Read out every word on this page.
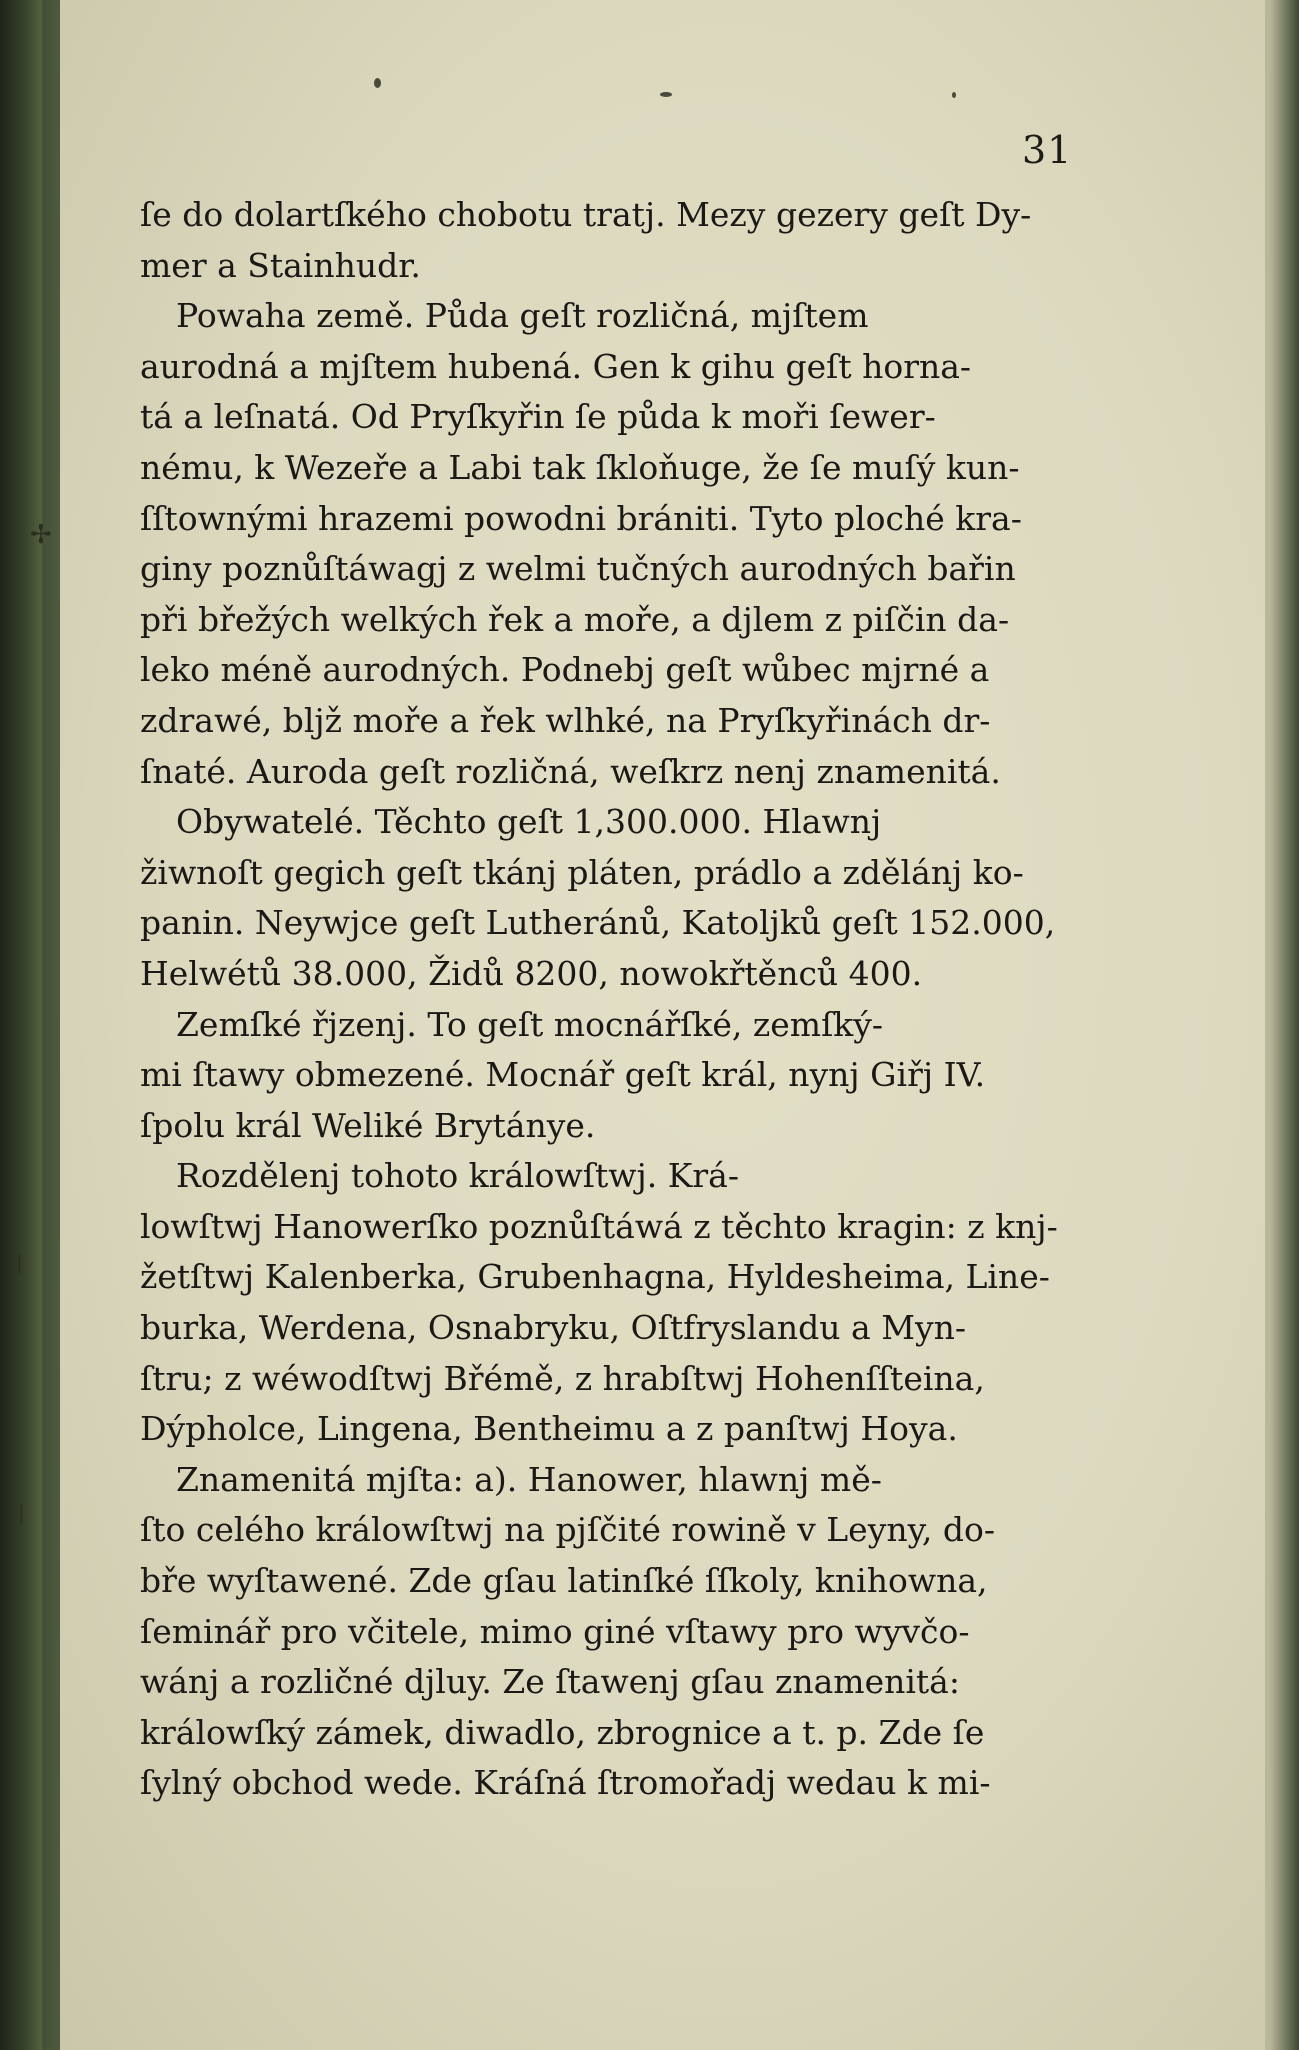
✢
|
|
31
ſe do dolartſkého chobotu tratj. Mezy gezery geſt Dy-
mer a Stainhudr.
Powaha země. Půda geſt rozličná, mjſtem
aurodná a mjſtem hubená. Gen k gihu geſt horna-
tá a leſnatá. Od Pryſkyřin ſe půda k moři ſewer-
nému, k Wezeře a Labi tak ſkloňuge, že ſe muſý kun-
ſſtownými hrazemi powodni brániti. Tyto ploché kra-
giny poznůſtáwagj z welmi tučných aurodných bařin
při břežých welkých řek a moře, a djlem z piſčin da-
leko méně aurodných. Podnebj geſt wůbec mjrné a
zdrawé, bljž moře a řek wlhké, na Pryſkyřinách dr-
ſnaté. Auroda geſt rozličná, weſkrz nenj znamenitá.
Obywatelé. Těchto geſt 1,300.000. Hlawnj
žiwnoſt gegich geſt tkánj pláten, prádlo a zdělánj ko-
panin. Neywjce geſt Lutheránů, Katoljků geſt 152.000,
Helwétů 38.000, Židů 8200, nowokřtěnců 400.
Zemſké řjzenj. To geſt mocnářſké, zemſký-
mi ſtawy obmezené. Mocnář geſt král, nynj Giřj IV.
ſpolu král Weliké Brytánye.
Rozdělenj tohoto králowſtwj. Krá-
lowſtwj Hanowerſko poznůſtáwá z těchto kragin: z knj-
žetſtwj Kalenberka, Grubenhagna, Hyldesheima, Line-
burka, Werdena, Osnabryku, Oſtfryslandu a Myn-
ſtru; z wéwodſtwj Břémě, z hrabſtwj Hohenſſteina,
Dýpholce, Lingena, Bentheimu a z panſtwj Hoya.
Znamenitá mjſta: a). Hanower, hlawnj mě-
ſto celého králowſtwj na pjſčité rowině v Leyny, do-
bře wyſtawené. Zde gſau latinſké ſſkoly, knihowna,
ſeminář pro včitele, mimo giné vſtawy pro wyvčo-
wánj a rozličné djluy. Ze ſtawenj gſau znamenitá:
králowſký zámek, diwadlo, zbrognice a t. p. Zde ſe
ſylný obchod wede. Kráſná ſtromořadj wedau k mi-
